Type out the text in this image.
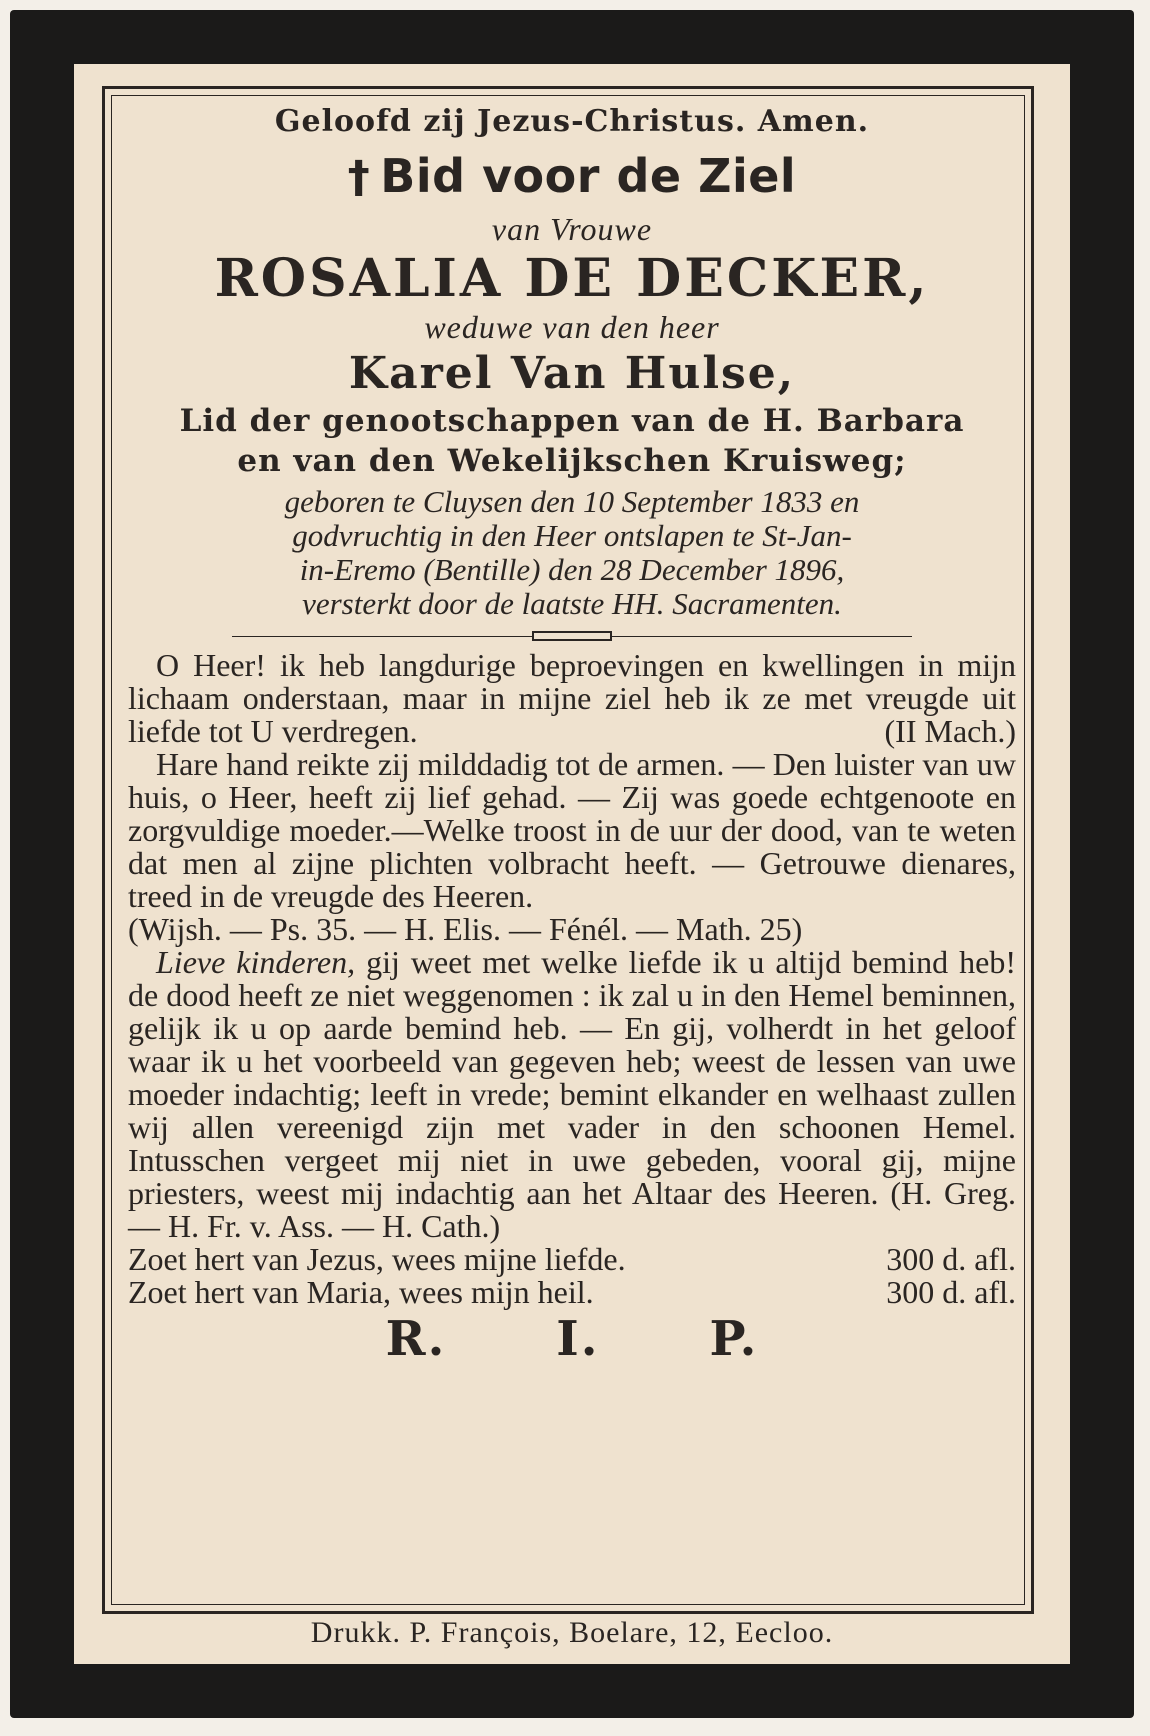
Geloofd zij Jezus-Christus. Amen.
† Bid voor de Ziel
van Vrouwe
ROSALIA DE DECKER,
weduwe van den heer
Karel Van Hulse,
Lid der genootschappen van de H. Barbara
en van den Wekelijkschen Kruisweg;
geboren te Cluysen den 10 September 1833 en
godvruchtig in den Heer ontslapen te St-Jan-
in-Eremo (Bentille) den 28 December 1896,
versterkt door de laatste HH. Sacramenten.

O Heer! ik heb langdurige beproevingen en kwellingen in mijn lichaam onderstaan, maar in mijne ziel heb ik ze met vreugde uit liefde tot U verdregen.	(II Mach.)

Hare hand reikte zij milddadig tot de armen. — Den luister van uw huis, o Heer, heeft zij lief gehad. — Zij was goede echtgenoote en zorgvuldige moeder.—Welke troost in de uur der dood, van te weten dat men al zijne plichten volbracht heeft. — Getrouwe dienares, treed in de vreugde des Heeren.

(Wijsh. — Ps. 35. — H. Elis. — Fénél. — Math. 25)

Lieve kinderen, gij weet met welke liefde ik u altijd bemind heb! de dood heeft ze niet weggenomen : ik zal u in den Hemel beminnen, gelijk ik u op aarde bemind heb. — En gij, volherdt in het geloof waar ik u het voorbeeld van gegeven heb; weest de lessen van uwe moeder indachtig; leeft in vrede; bemint elkander en welhaast zullen wij allen vereenigd zijn met vader in den schoonen Hemel. Intusschen vergeet mij niet in uwe gebeden, vooral gij, mijne priesters, weest mij indachtig aan het Altaar des Heeren. (H. Greg. — H. Fr. v. Ass. — H. Cath.)

Zoet hert van Jezus, wees mijne liefde.	300 d. afl.

Zoet hert van Maria, wees mijn heil.	300 d. afl.

R. I. P.
Drukk. P. François, Boelare, 12, Eecloo.
